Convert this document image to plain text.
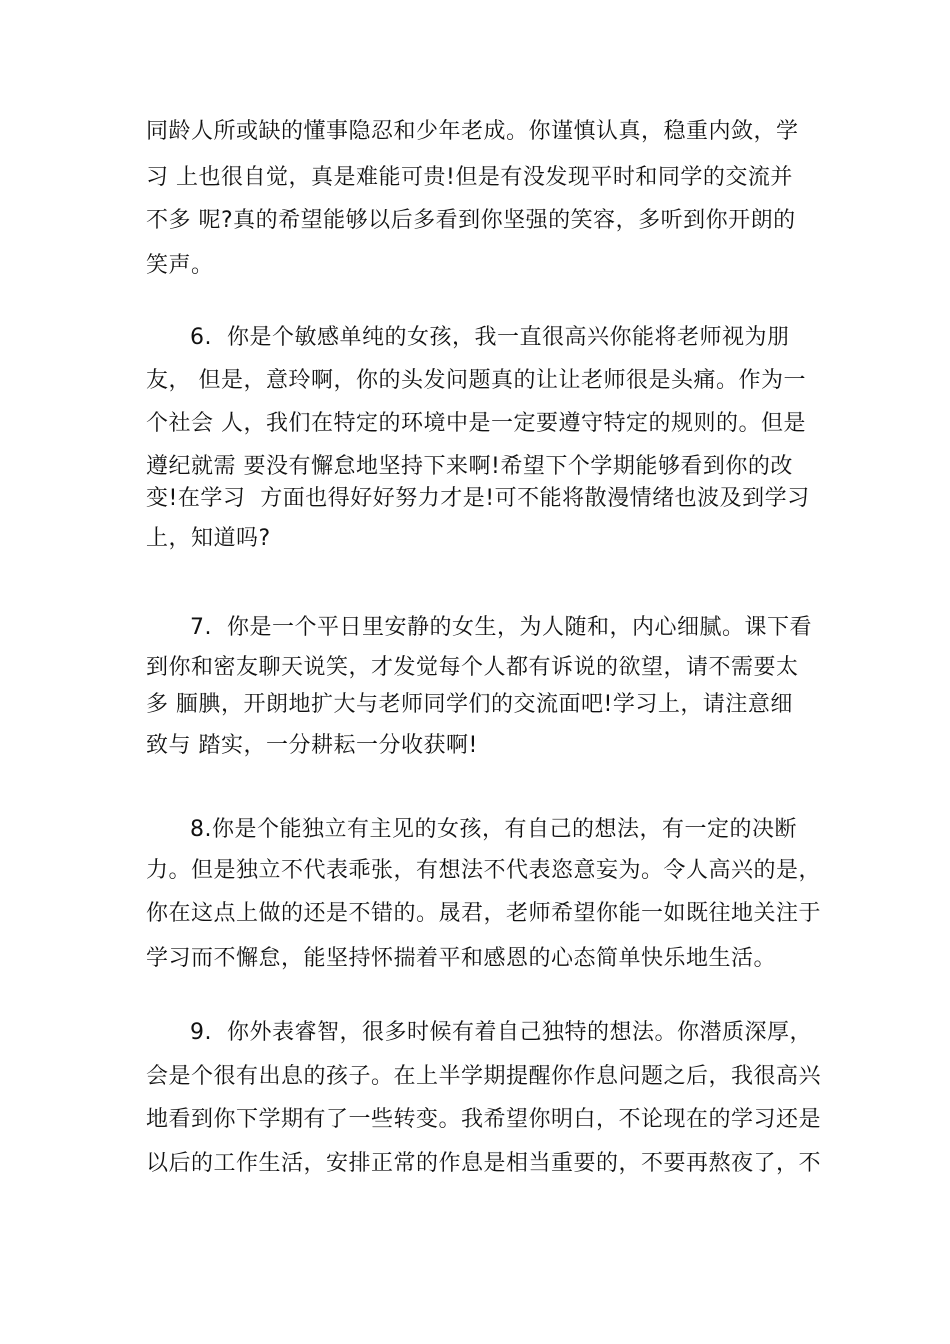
同龄人所或缺的懂事隐忍和少年老成。你谨慎认真，稳重内敛，学
习 上也很自觉，真是难能可贵!但是有没发现平时和同学的交流并
不多 呢?真的希望能够以后多看到你坚强的笑容，多听到你开朗的
笑声。
6.  你是个敏感单纯的女孩，我一直很高兴你能将老师视为朋
友， 但是，意玲啊，你的头发问题真的让让老师很是头痛。作为一
个社会 人，我们在特定的环境中是一定要遵守特定的规则的。但是
遵纪就需 要没有懈怠地坚持下来啊!希望下个学期能够看到你的改
变!在学习  方面也得好好努力才是!可不能将散漫情绪也波及到学习
上，知道吗?
7.  你是一个平日里安静的女生，为人随和，内心细腻。课下看
到你和密友聊天说笑，才发觉每个人都有诉说的欲望，请不需要太
多 腼腆，开朗地扩大与老师同学们的交流面吧!学习上，请注意细
致与 踏实，一分耕耘一分收获啊!
8.你是个能独立有主见的女孩，有自己的想法，有一定的决断
力。但是独立不代表乖张，有想法不代表恣意妄为。令人高兴的是，
你在这点上做的还是不错的。晟君，老师希望你能一如既往地关注于
学习而不懈怠，能坚持怀揣着平和感恩的心态简单快乐地生活。
9.  你外表睿智，很多时候有着自己独特的想法。你潜质深厚，
会是个很有出息的孩子。在上半学期提醒你作息问题之后，我很高兴
地看到你下学期有了一些转变。我希望你明白，不论现在的学习还是
以后的工作生活，安排正常的作息是相当重要的，不要再熬夜了，不
